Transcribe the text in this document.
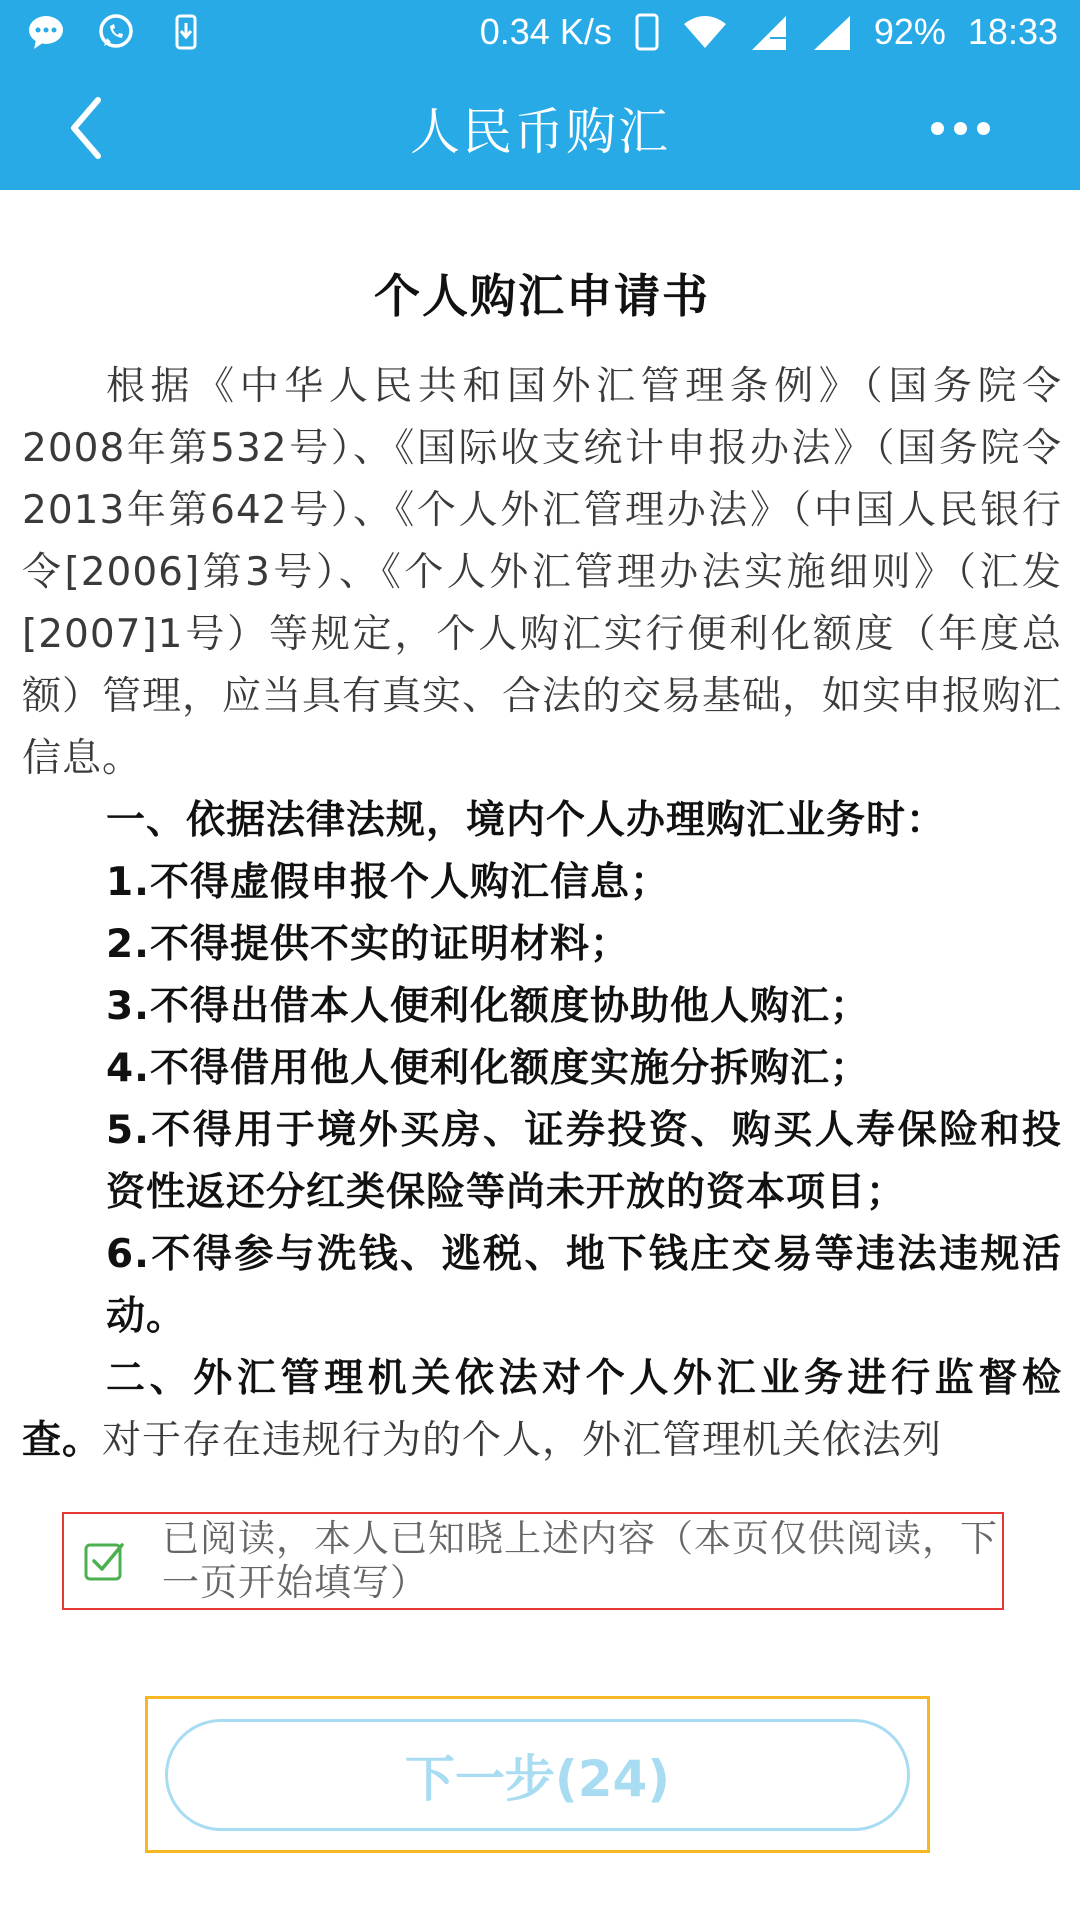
0.34 K/s	92% 18:33
人民币购汇
个人购汇申请书

根据《中华人民共和国外汇管理条例》（国务院令2008年第532号）、《国际收支统计申报办法》（国务院令2013年第642号）、《个人外汇管理办法》（中国人民银行令[2006]第3号）、《个人外汇管理办法实施细则》（汇发[2007]1号）等规定，个人购汇实行便利化额度（年度总额）管理，应当具有真实、合法的交易基础，如实申报购汇信息。

一、依据法律法规，境内个人办理购汇业务时：

1.不得虚假申报个人购汇信息；

2.不得提供不实的证明材料；

3.不得出借本人便利化额度协助他人购汇；

4.不得借用他人便利化额度实施分拆购汇；

5.不得用于境外买房、证券投资、购买人寿保险和投资性返还分红类保险等尚未开放的资本项目；

6.不得参与洗钱、逃税、地下钱庄交易等违法违规活动。

二、外汇管理机关依法对个人外汇业务进行监督检查。对于存在违规行为的个人，外汇管理机关依法列

已阅读，本人已知晓上述内容（本页仅供阅读，下一页开始填写）
下一步(24)
